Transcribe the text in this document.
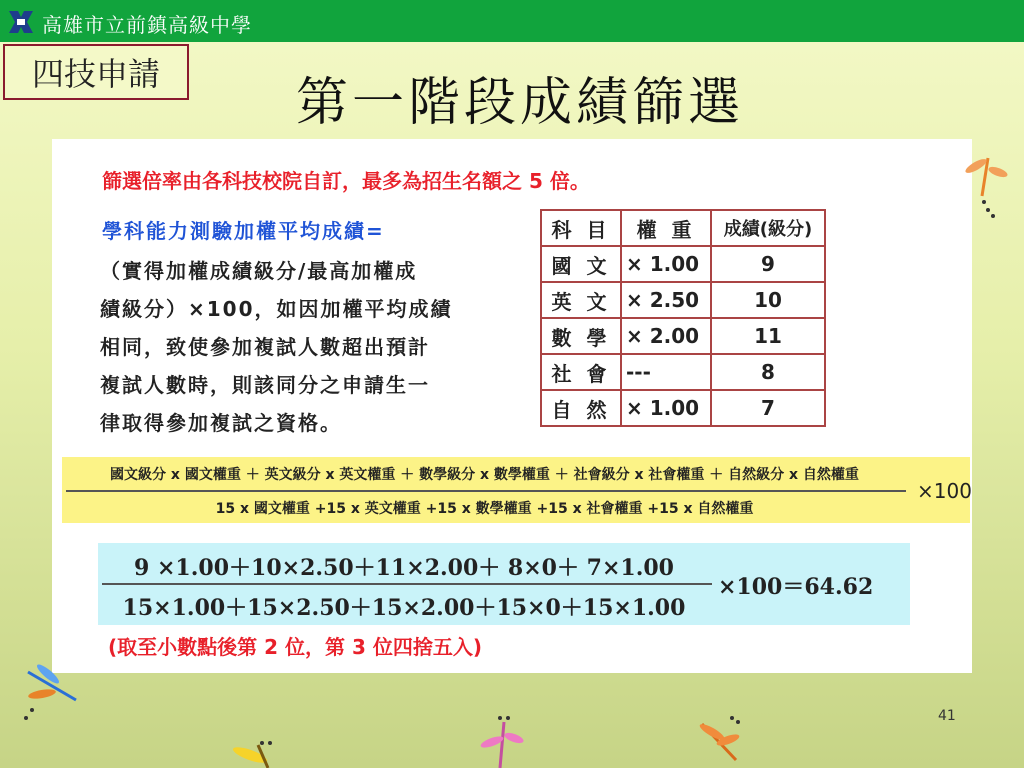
高雄市立前鎮高級中學
四技申請	第一階段成績篩選
篩選倍率由各科技校院自訂，最多為招生名額之 5 倍。
學科能力測驗加權平均成績=
（實得加權成績級分/最高加權成
績級分）×100，如因加權平均成績
相同，致使參加複試人數超出預計
複試人數時，則該同分之申請生一
律取得參加複試之資格。
科 目	權 重	成績(級分)
國 文	× 1.00	9
英 文	× 2.50	10
數 學	× 2.00	11
社 會	---	8
自 然	× 1.00	7
國文級分 x 國文權重 ＋ 英文級分 x 英文權重 ＋ 數學級分 x 數學權重 ＋ 社會級分 x 社會權重 ＋ 自然級分 x 自然權重
15 x 國文權重 +15 x 英文權重 +15 x 數學權重 +15 x 社會權重 +15 x 自然權重
×100
9 ×1.00＋10×2.50＋11×2.00＋ 8×0＋ 7×1.00
15×1.00＋15×2.50＋15×2.00＋15×0＋15×1.00
×100＝64.62
(取至小數點後第 2 位，第 3 位四捨五入)
41
